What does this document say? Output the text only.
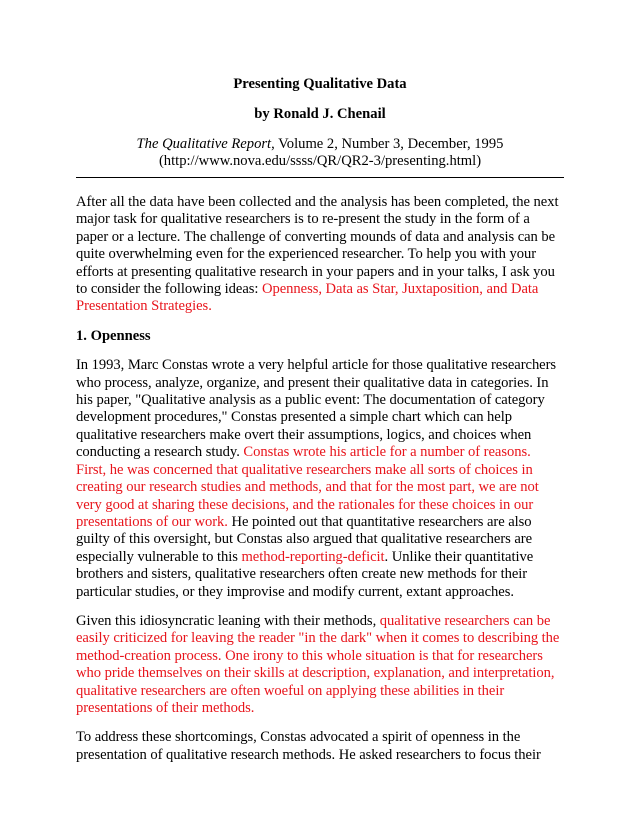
Presenting Qualitative Data
by Ronald J. Chenail
The Qualitative Report, Volume 2, Number 3, December, 1995
(http://www.nova.edu/ssss/QR/QR2-3/presenting.html)

After all the data have been collected and the analysis has been completed, the next major task for qualitative researchers is to re-present the study in the form of a paper or a lecture. The challenge of converting mounds of data and analysis can be quite overwhelming even for the experienced researcher. To help you with your efforts at presenting qualitative research in your papers and in your talks, I ask you to consider the following ideas: Openness, Data as Star, Juxtaposition, and Data Presentation Strategies.

1. Openness

In 1993, Marc Constas wrote a very helpful article for those qualitative researchers who process, analyze, organize, and present their qualitative data in categories. In his paper, "Qualitative analysis as a public event: The documentation of category development procedures," Constas presented a simple chart which can help qualitative researchers make overt their assumptions, logics, and choices when conducting a research study. Constas wrote his article for a number of reasons. First, he was concerned that qualitative researchers make all sorts of choices in creating our research studies and methods, and that for the most part, we are not very good at sharing these decisions, and the rationales for these choices in our presentations of our work. He pointed out that quantitative researchers are also guilty of this oversight, but Constas also argued that qualitative researchers are especially vulnerable to this method-reporting-deficit. Unlike their quantitative brothers and sisters, qualitative researchers often create new methods for their particular studies, or they improvise and modify current, extant approaches.

Given this idiosyncratic leaning with their methods, qualitative researchers can be easily criticized for leaving the reader "in the dark" when it comes to describing the method-creation process. One irony to this whole situation is that for researchers who pride themselves on their skills at description, explanation, and interpretation, qualitative researchers are often woeful on applying these abilities in their presentations of their methods.

To address these shortcomings, Constas advocated a spirit of openness in the presentation of qualitative research methods. He asked researchers to focus their
